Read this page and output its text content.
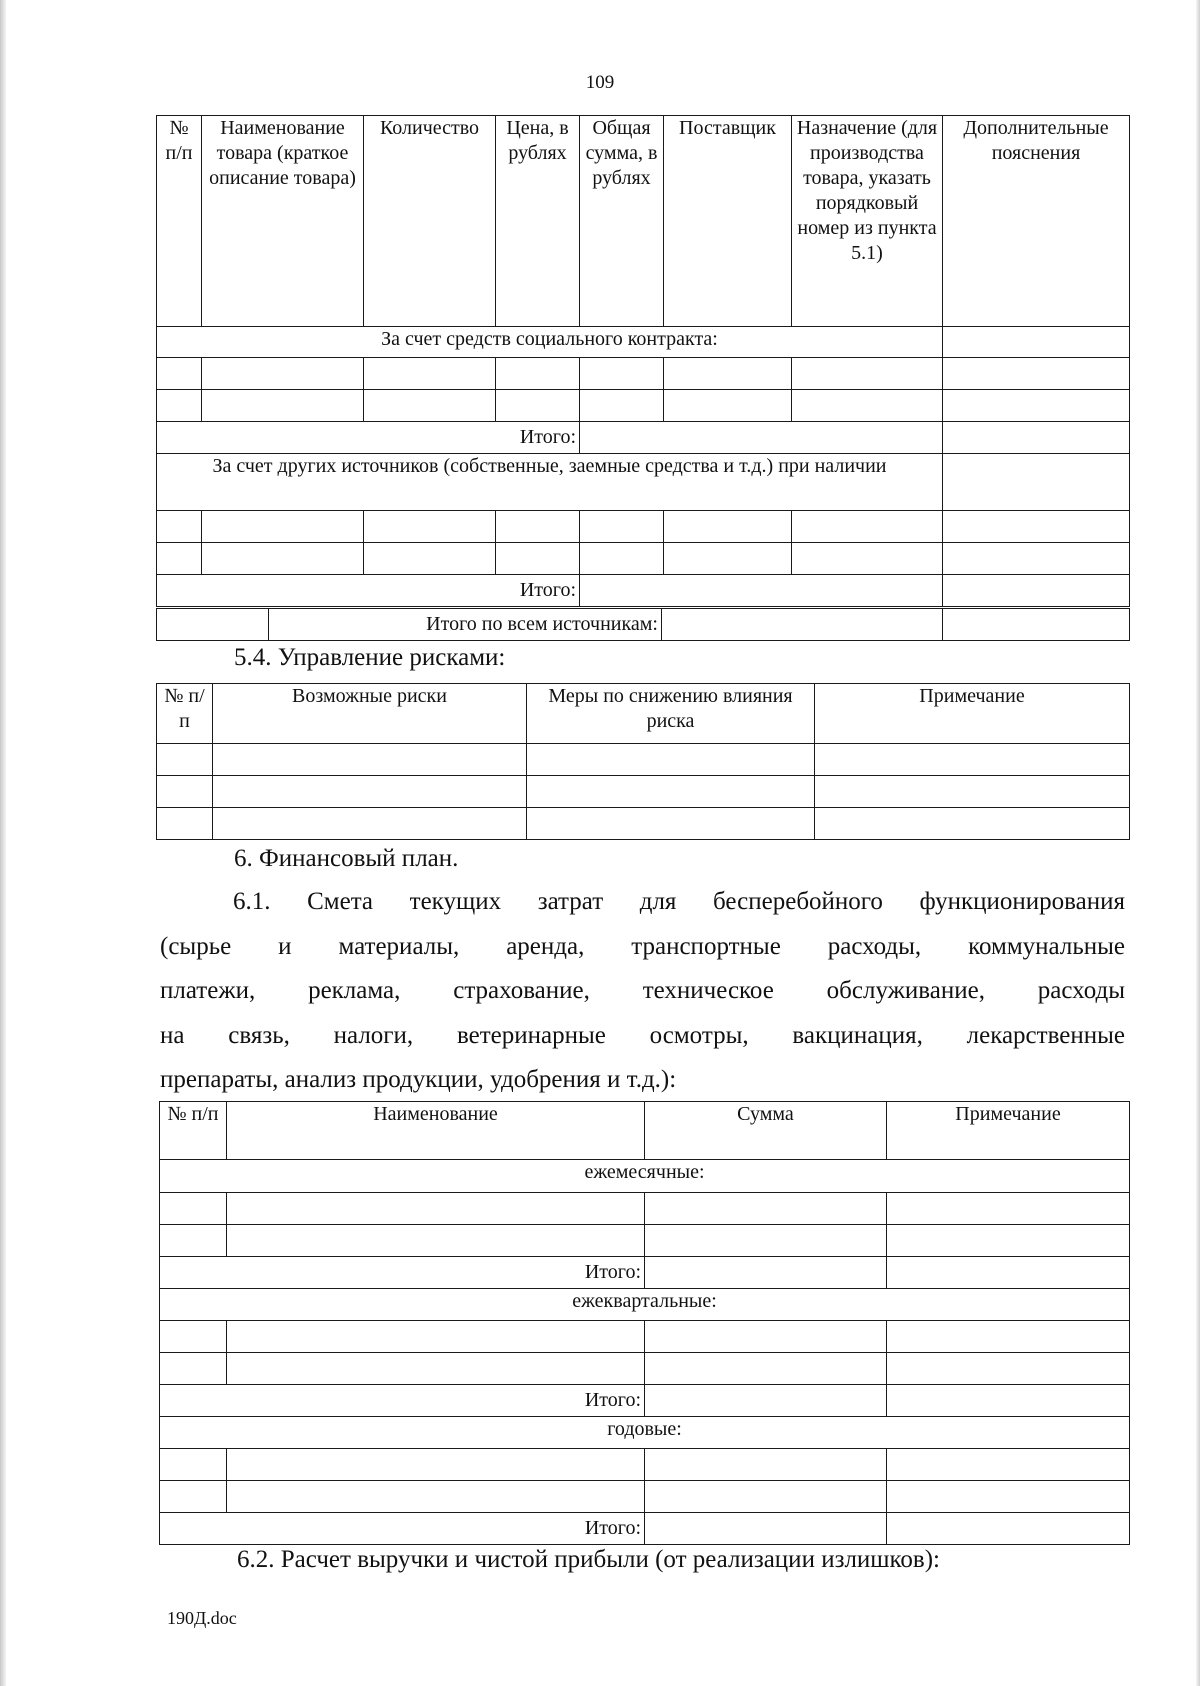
109
№ п/п	Наименование товара (краткое описание товара)	Количество	Цена, в рублях	Общая сумма, в рублях	Поставщик	Назначение (для производства товара, указать порядковый номер из пункта 5.1)	Дополнительные пояснения
За счет средств социального контракта:							

Итого:							
За счет других источников (собственные, заемные средства и т.д.) при наличии							

Итого:							
	Итого по всем источникам:		
5.4. Управление рисками:
№ п/п	Возможные риски	Меры по снижению влияния риска	Примечание

6. Финансовый план.
6.1. Смета текущих затрат для бесперебойного функционирования
(сырье и материалы, аренда, транспортные расходы, коммунальные
платежи, реклама, страхование, техническое обслуживание, расходы
на связь, налоги, ветеринарные осмотры, вакцинация, лекарственные
препараты, анализ продукции, удобрения и т.д.):
№ п/п	Наименование	Сумма	Примечание
ежемесячные:			

Итого:			
ежеквартальные:			

Итого:			
годовые:			

Итого:			
6.2. Расчет выручки и чистой прибыли (от реализации излишков):
190Д.doc
